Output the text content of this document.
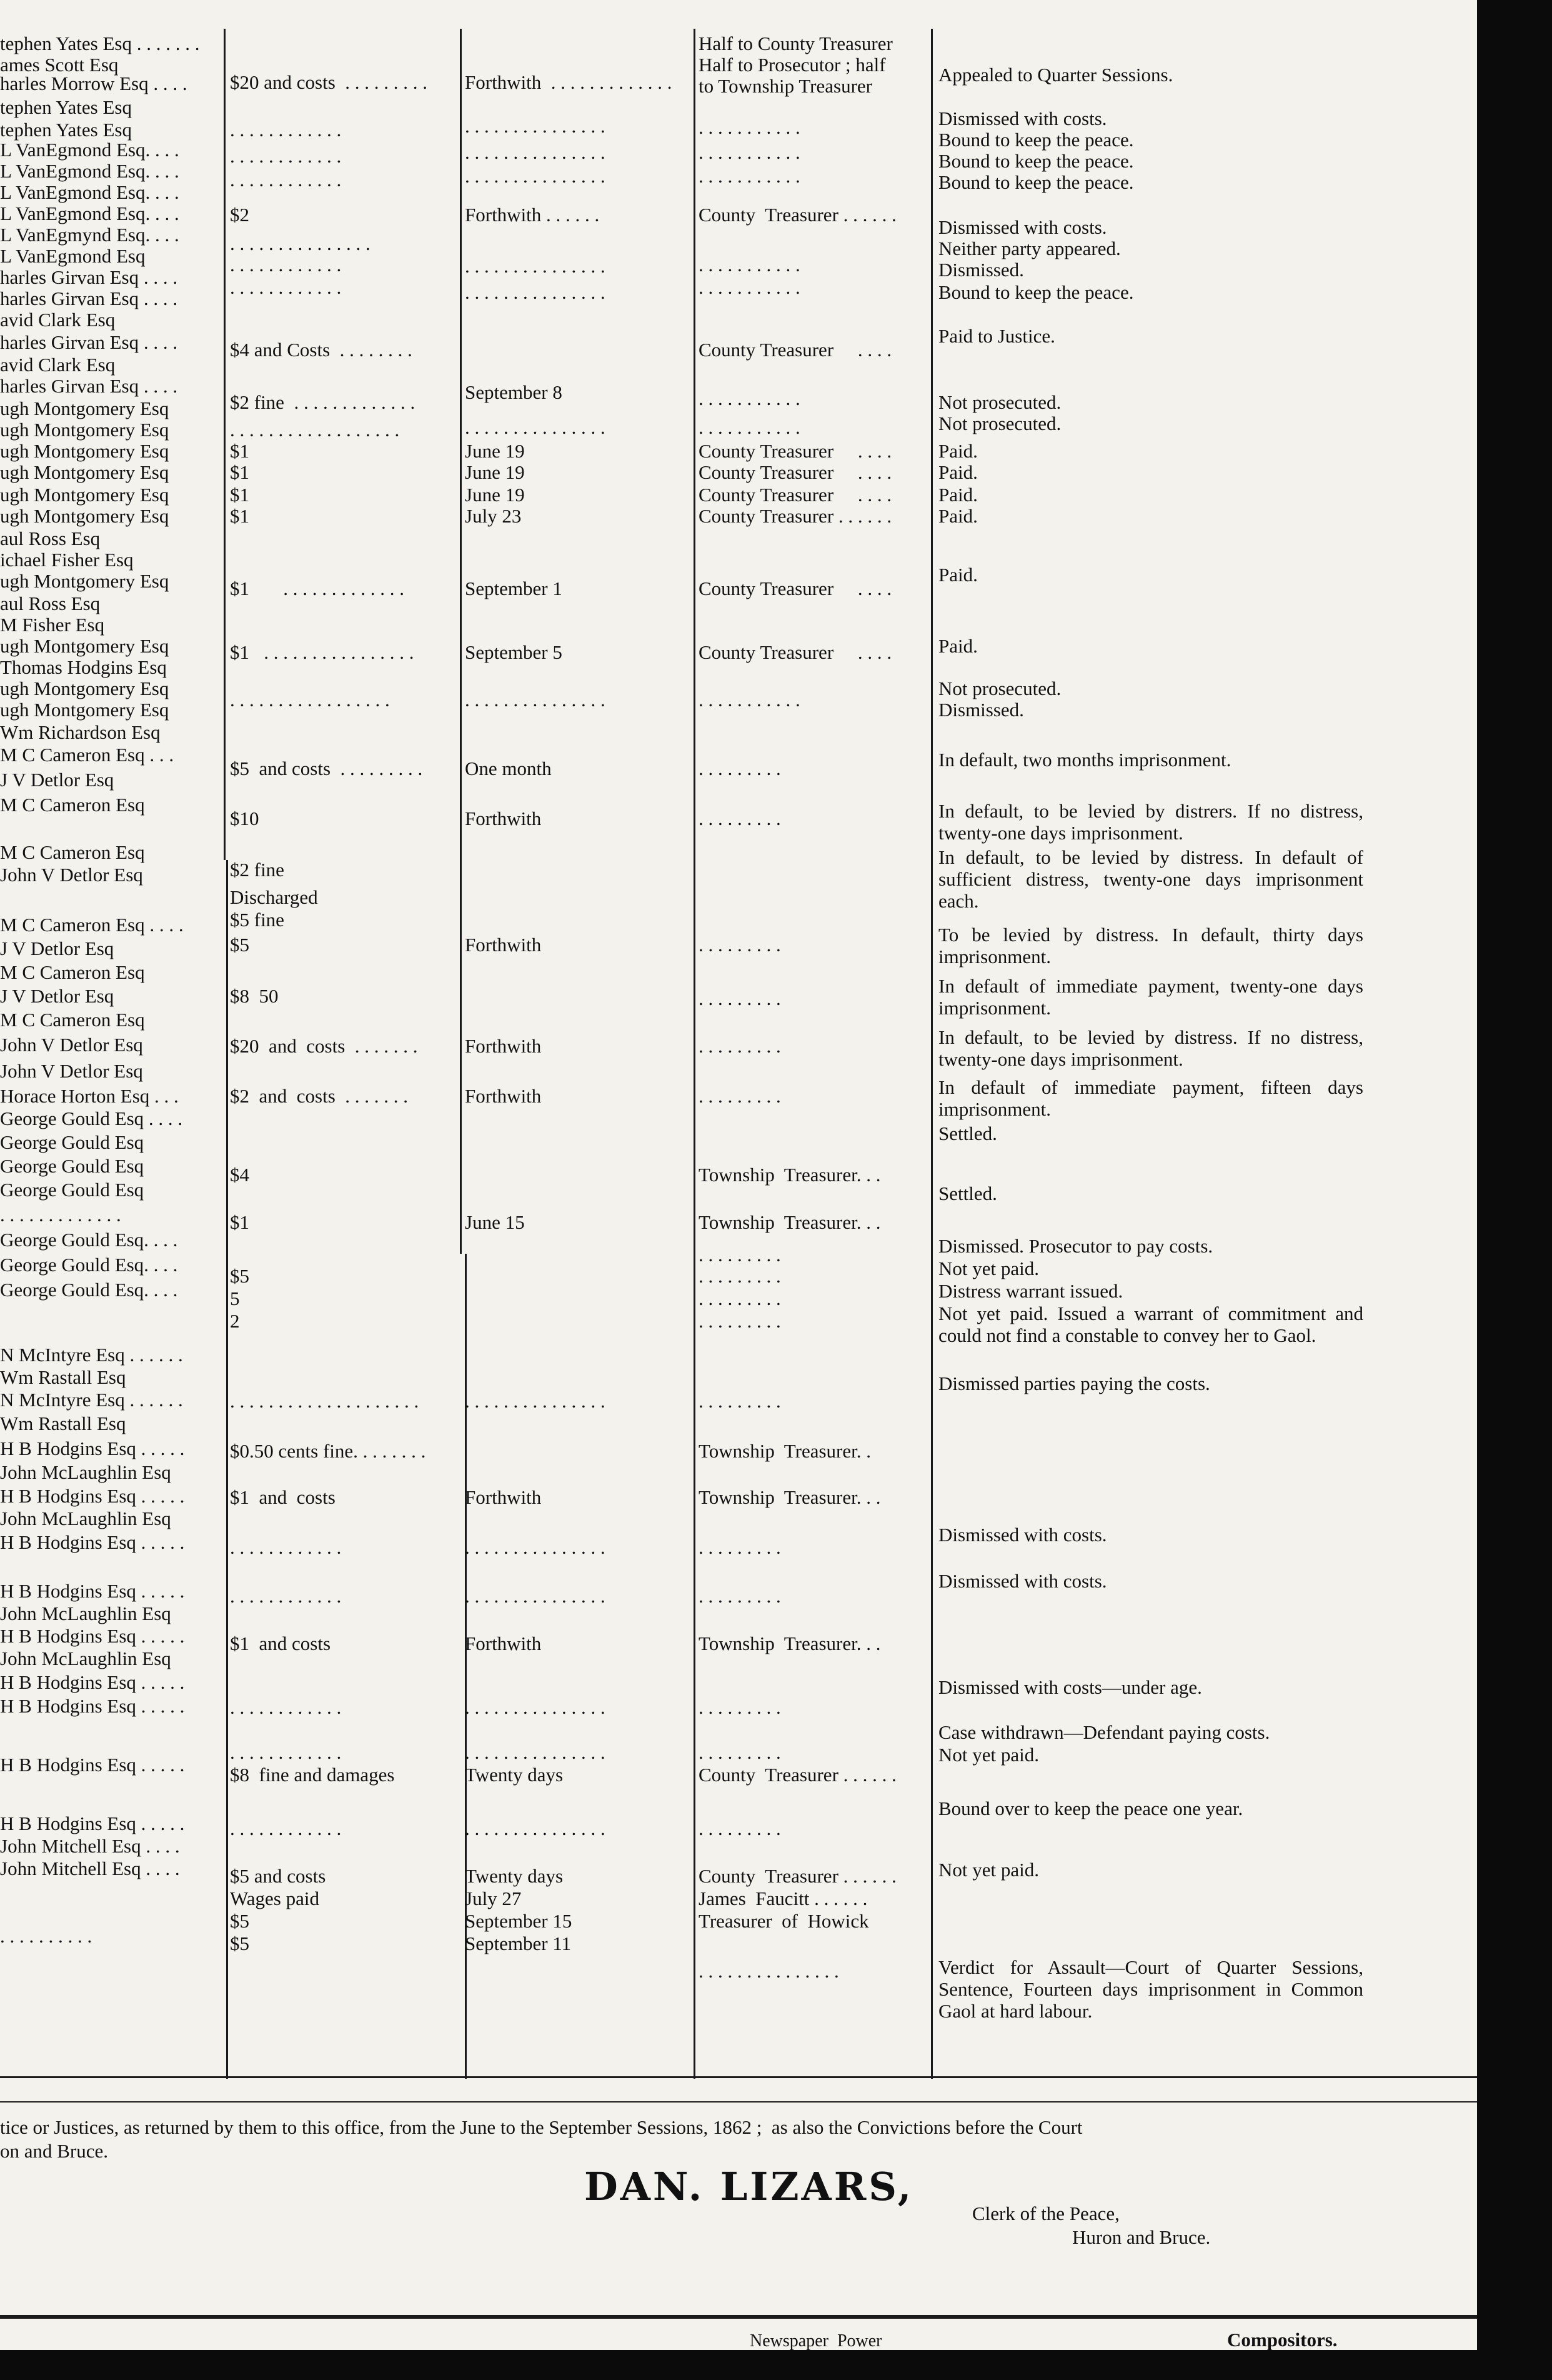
tephen Yates Esq . . . . . . .
ames Scott Esq
harles Morrow Esq . . . .
tephen Yates Esq
tephen Yates Esq
L VanEgmond Esq. . . .
L VanEgmond Esq. . . .
L VanEgmond Esq. . . .
L VanEgmond Esq. . . .
L VanEgmynd Esq. . . .
L VanEgmond Esq
harles Girvan Esq . . . .
harles Girvan Esq . . . .
avid Clark Esq
harles Girvan Esq . . . .
avid Clark Esq
harles Girvan Esq . . . .
ugh Montgomery Esq
ugh Montgomery Esq
ugh Montgomery Esq
ugh Montgomery Esq
ugh Montgomery Esq
ugh Montgomery Esq
aul Ross Esq
ichael Fisher Esq
ugh Montgomery Esq
aul Ross Esq
M Fisher Esq
ugh Montgomery Esq
Thomas Hodgins Esq
ugh Montgomery Esq
ugh Montgomery Esq
Wm Richardson Esq
M C Cameron Esq . . .
J V Detlor Esq
M C Cameron Esq
M C Cameron Esq
John V Detlor Esq
M C Cameron Esq . . . .
J V Detlor Esq
M C Cameron Esq
J V Detlor Esq
M C Cameron Esq
John V Detlor Esq
John V Detlor Esq
Horace Horton Esq . . .
George Gould Esq . . . .
George Gould Esq
George Gould Esq
George Gould Esq
. . . . . . . . . . . . .
George Gould Esq. . . .
George Gould Esq. . . .
George Gould Esq. . . .
N McIntyre Esq . . . . . .
Wm Rastall Esq
N McIntyre Esq . . . . . .
Wm Rastall Esq
H B Hodgins Esq . . . . .
John McLaughlin Esq
H B Hodgins Esq . . . . .
John McLaughlin Esq
H B Hodgins Esq . . . . .
H B Hodgins Esq . . . . .
John McLaughlin Esq
H B Hodgins Esq . . . . .
John McLaughlin Esq
H B Hodgins Esq . . . . .
H B Hodgins Esq . . . . .
H B Hodgins Esq . . . . .
H B Hodgins Esq . . . . .
John Mitchell Esq . . . .
John Mitchell Esq . . . .
. . . . . . . . . .
$20 and costs  . . . . . . . . .
. . . . . . . . . . . .
. . . . . . . . . . . .
. . . . . . . . . . . .
$2
. . . . . . . . . . . . . . .
. . . . . . . . . . . .
. . . . . . . . . . . .
$4 and Costs  . . . . . . . .
$2 fine  . . . . . . . . . . . . .
. . . . . . . . . . . . . . . . . .
$1
$1
$1
$1
$1       . . . . . . . . . . . . .
$1   . . . . . . . . . . . . . . . .
. . . . . . . . . . . . . . . . .
$5  and costs  . . . . . . . . .
$10
$2 fine
Discharged
$5 fine
$5
$8  50
$20  and  costs  . . . . . . .
$2  and  costs  . . . . . . .
$4
$1
$5
5
2
. . . . . . . . . . . . . . . . . . . .
$0.50 cents fine. . . . . . . .
$1  and  costs
. . . . . . . . . . . .
. . . . . . . . . . . .
$1  and costs
. . . . . . . . . . . .
. . . . . . . . . . . .
$8  fine and damages
. . . . . . . . . . . .
$5 and costs
Wages paid
$5
$5
Forthwith  . . . . . . . . . . . . .
. . . . . . . . . . . . . . .
. . . . . . . . . . . . . . .
. . . . . . . . . . . . . . .
Forthwith . . . . . .
. . . . . . . . . . . . . . .
. . . . . . . . . . . . . . .
September 8
. . . . . . . . . . . . . . .
June 19
June 19
June 19
July 23
September 1
September 5
. . . . . . . . . . . . . . .
One month
Forthwith
Forthwith
Forthwith
Forthwith
June 15
. . . . . . . . . . . . . . .
Forthwith
. . . . . . . . . . . . . . .
. . . . . . . . . . . . . . .
Forthwith
. . . . . . . . . . . . . . .
. . . . . . . . . . . . . . .
Twenty days
. . . . . . . . . . . . . . .
Twenty days
July 27
September 15
September 11
Half to County Treasurer
Half to Prosecutor ; half
to Township Treasurer
. . . . . . . . . . .
. . . . . . . . . . .
. . . . . . . . . . .
County  Treasurer . . . . . .
. . . . . . . . . . .
. . . . . . . . . . .
County Treasurer     . . . .
. . . . . . . . . . .
. . . . . . . . . . .
County Treasurer     . . . .
County Treasurer     . . . .
County Treasurer     . . . .
County Treasurer . . . . . .
County Treasurer     . . . .
County Treasurer     . . . .
. . . . . . . . . . .
. . . . . . . . .
. . . . . . . . .
. . . . . . . . .
. . . . . . . . .
. . . . . . . . .
. . . . . . . . .
Township  Treasurer. . .
Township  Treasurer. . .
. . . . . . . . .
. . . . . . . . .
. . . . . . . . .
. . . . . . . . .
. . . . . . . . .
Township  Treasurer. .
Township  Treasurer. . .
. . . . . . . . .
. . . . . . . . .
Township  Treasurer. . .
. . . . . . . . .
. . . . . . . . .
County  Treasurer . . . . . .
. . . . . . . . .
County  Treasurer . . . . . .
James  Faucitt . . . . . .
Treasurer  of  Howick
. . . . . . . . . . . . . . .
Appealed to Quarter Sessions.
Dismissed with costs.
Bound to keep the peace.
Bound to keep the peace.
Bound to keep the peace.
Dismissed with costs.
Neither party appeared.
Dismissed.
Bound to keep the peace.
Paid to Justice.
Not prosecuted.
Not prosecuted.
Paid.
Paid.
Paid.
Paid.
Paid.
Paid.
Not prosecuted.
Dismissed.
In default, two months imprisonment.
In default, to be levied by distrers. If no distress, twenty-one days imprisonment.
In default, to be levied by distress. In default of sufficient distress, twenty-one days imprisonment each.
To be levied by distress. In default, thirty days imprisonment.
In default of immediate payment, twenty-one days imprisonment.
In default, to be levied by distress. If no distress, twenty-one days imprisonment.
In default of immediate payment, fifteen days imprisonment.
Settled.
Settled.
Dismissed. Prosecutor to pay costs.
Not yet paid.
Distress warrant issued.
Not yet paid. Issued a warrant of commitment and could not find a constable to convey her to Gaol.
Dismissed parties paying the costs.
Dismissed with costs.
Dismissed with costs.
Dismissed with costs—under age.
Case withdrawn—Defendant paying costs.
Not yet paid.
Bound over to keep the peace one year.
Not yet paid.
Verdict for Assault—Court of Quarter Sessions, Sentence, Fourteen days imprisonment in Common Gaol at hard labour.
tice or Justices, as returned by them to this office, from the June to the September Sessions, 1862 ;  as also the Convictions before the Court
on and Bruce.
DAN. LIZARS,
Clerk of the Peace,
Huron and Bruce.
Newspaper  Power	Compositors.
